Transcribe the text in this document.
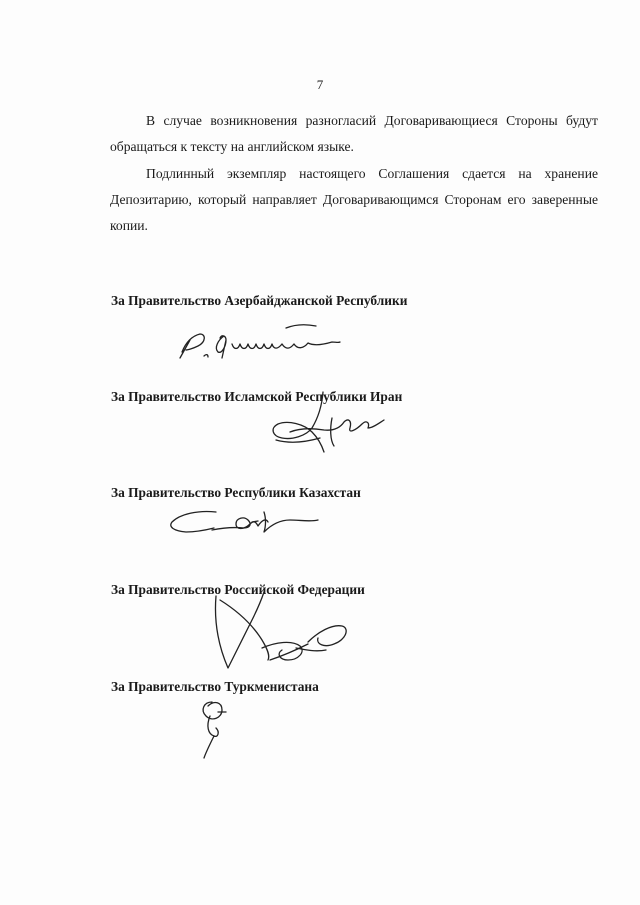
7

В случае возникновения разногласий Договаривающиеся Стороны будут обращаться к тексту на английском языке.

Подлинный экземпляр настоящего Соглашения сдается на хранение Депозитарию, который направляет Договаривающимся Сторонам его заверенные копии.

За Правительство Азербайджанской Республики
За Правительство Исламской Республики Иран
За Правительство Республики Казахстан
За Правительство Российской Федерации
За Правительство Туркменистана
